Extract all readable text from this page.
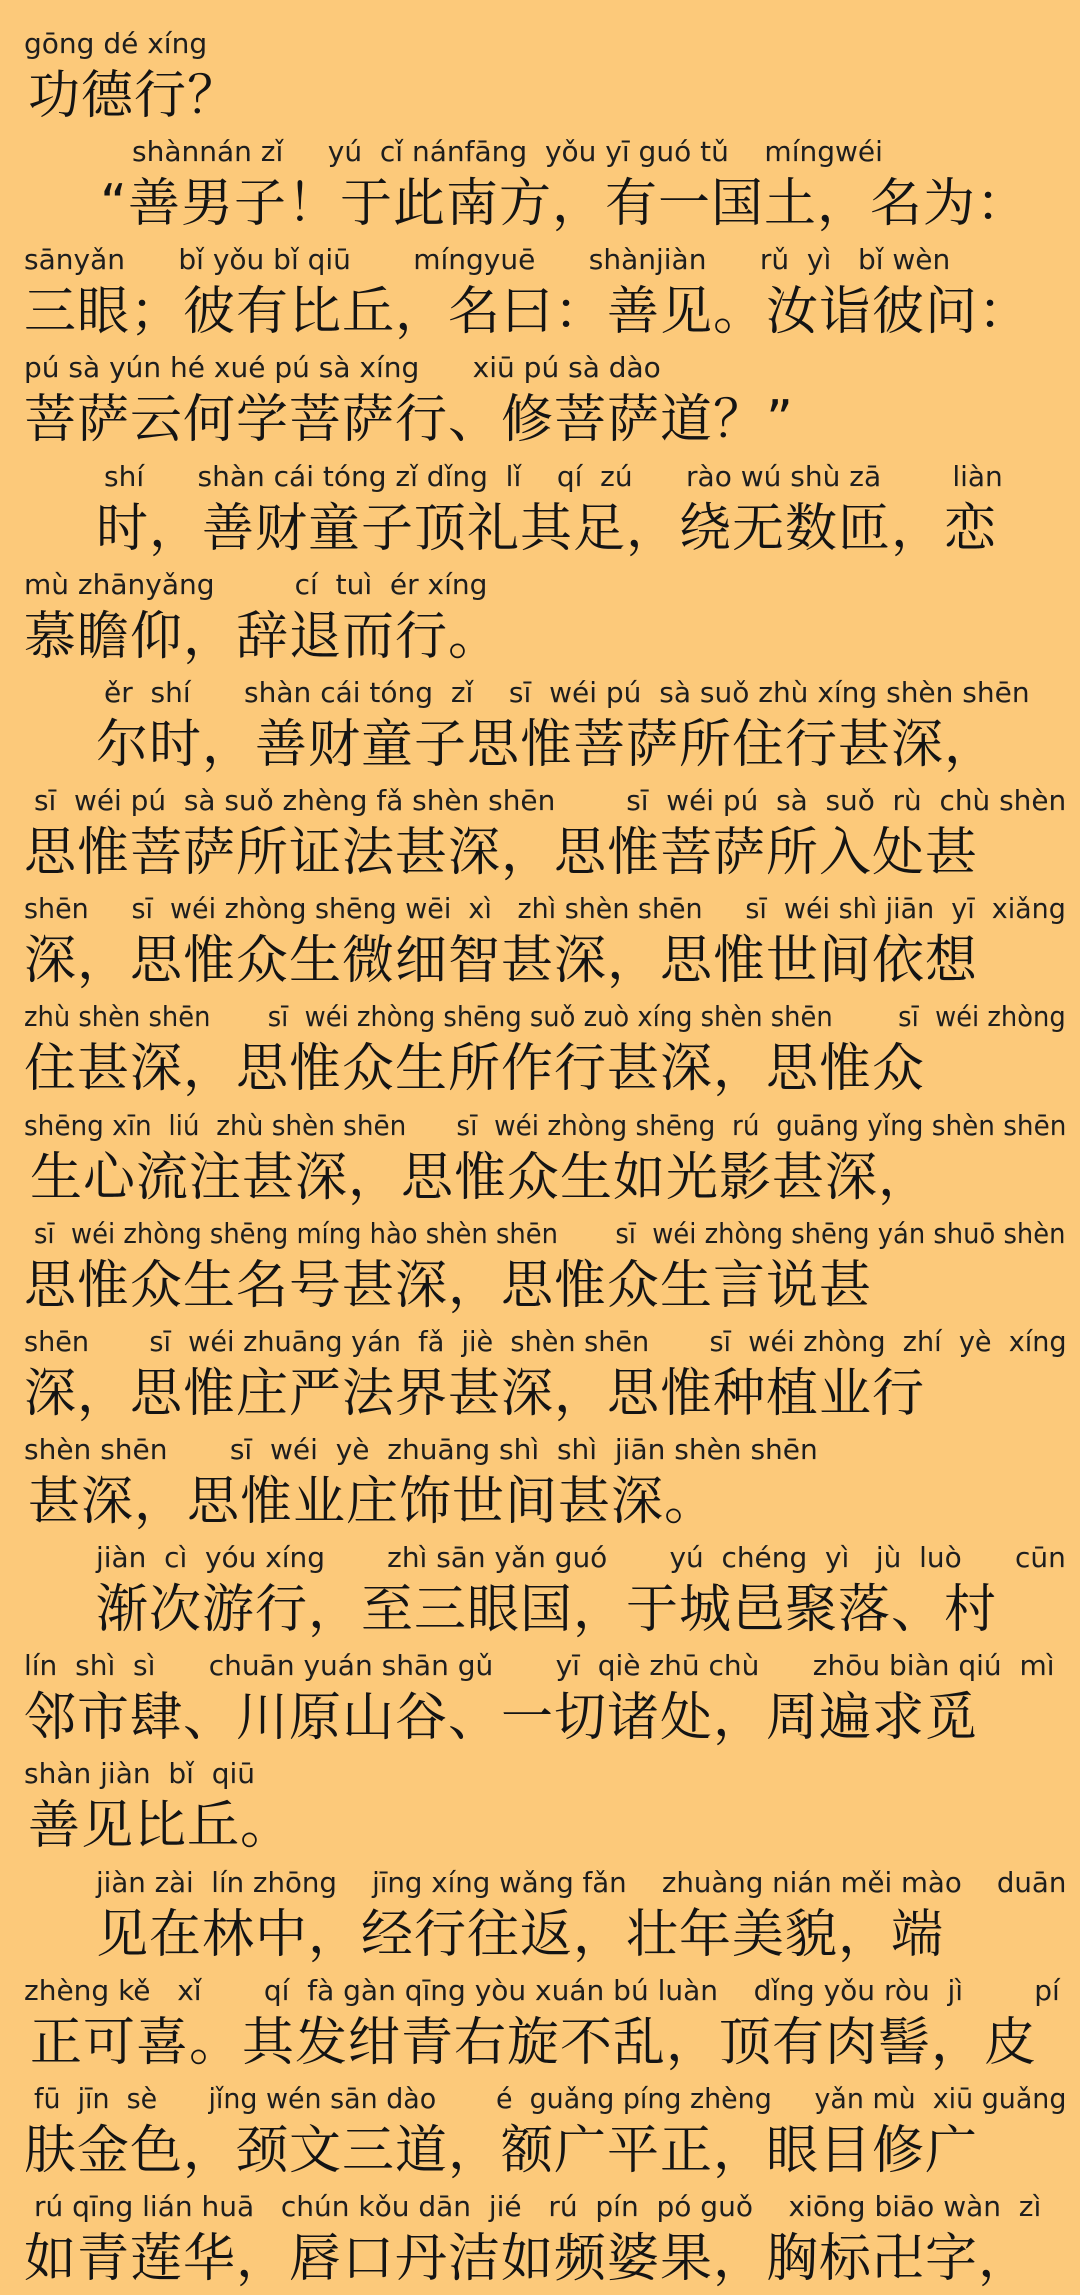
gōng dé xíng
功德行？
shànnán zǐ     yú  cǐ nánfāng  yǒu yī guó tǔ    míngwéi
“善男子！于此南方，有一国土，名为：
sānyǎn      bǐ yǒu bǐ qiū       míngyuē      shànjiàn      rǔ  yì   bǐ wèn
三眼；彼有比丘，名曰：善见。汝诣彼问：
pú sà yún hé xué pú sà xíng      xiū pú sà dào
菩萨云何学菩萨行、修菩萨道？”
shí      shàn cái tóng zǐ dǐng  lǐ    qí  zú      rào wú shù zā        liàn
时，善财童子顶礼其足，绕无数匝，恋
mù zhānyǎng         cí  tuì  ér xíng
慕瞻仰，辞退而行。
ěr  shí      shàn cái tóng  zǐ    sī  wéi pú  sà suǒ zhù xíng shèn shēn
尔时，善财童子思惟菩萨所住行甚深，
sī  wéi pú  sà suǒ zhèng fǎ shèn shēn        sī  wéi pú  sà  suǒ  rù  chù shèn
思惟菩萨所证法甚深，思惟菩萨所入处甚
shēn     sī  wéi zhòng shēng wēi  xì   zhì shèn shēn     sī  wéi shì jiān  yī  xiǎng
深，思惟众生微细智甚深，思惟世间依想
zhù shèn shēn       sī  wéi zhòng shēng suǒ zuò xíng shèn shēn        sī  wéi zhòng
住甚深，思惟众生所作行甚深，思惟众
shēng xīn  liú  zhù shèn shēn      sī  wéi zhòng shēng  rú  guāng yǐng shèn shēn
生心流注甚深，思惟众生如光影甚深，
sī  wéi zhòng shēng míng hào shèn shēn       sī  wéi zhòng shēng yán shuō shèn
思惟众生名号甚深，思惟众生言说甚
shēn       sī  wéi zhuāng yán  fǎ  jiè  shèn shēn       sī  wéi zhòng  zhí  yè  xíng
深，思惟庄严法界甚深，思惟种植业行
shèn shēn       sī  wéi  yè  zhuāng shì  shì  jiān shèn shēn
甚深，思惟业庄饰世间甚深。
jiàn  cì  yóu xíng       zhì sān yǎn guó       yú  chéng  yì   jù  luò      cūn
渐次游行，至三眼国，于城邑聚落、村
lín  shì  sì      chuān yuán shān gǔ       yī  qiè zhū chù      zhōu biàn qiú  mì
邻市肆、川原山谷、一切诸处，周遍求觅
shàn jiàn  bǐ  qiū
善见比丘。
jiàn zài  lín zhōng    jīng xíng wǎng fǎn    zhuàng nián měi mào    duān
见在林中，经行往返，壮年美貌，端
zhèng kě   xǐ       qí  fà gàn qīng yòu xuán bú luàn    dǐng yǒu ròu  jì        pí
正可喜。其发绀青右旋不乱，顶有肉髻，皮
fū  jīn  sè      jǐng wén sān dào       é  guǎng píng zhèng     yǎn mù  xiū guǎng
肤金色，颈文三道，额广平正，眼目修广
rú qīng lián huā   chún kǒu dān  jié   rú  pín  pó guǒ    xiōng biāo wàn  zì
如青莲华，唇口丹洁如频婆果，胸标卍字，
